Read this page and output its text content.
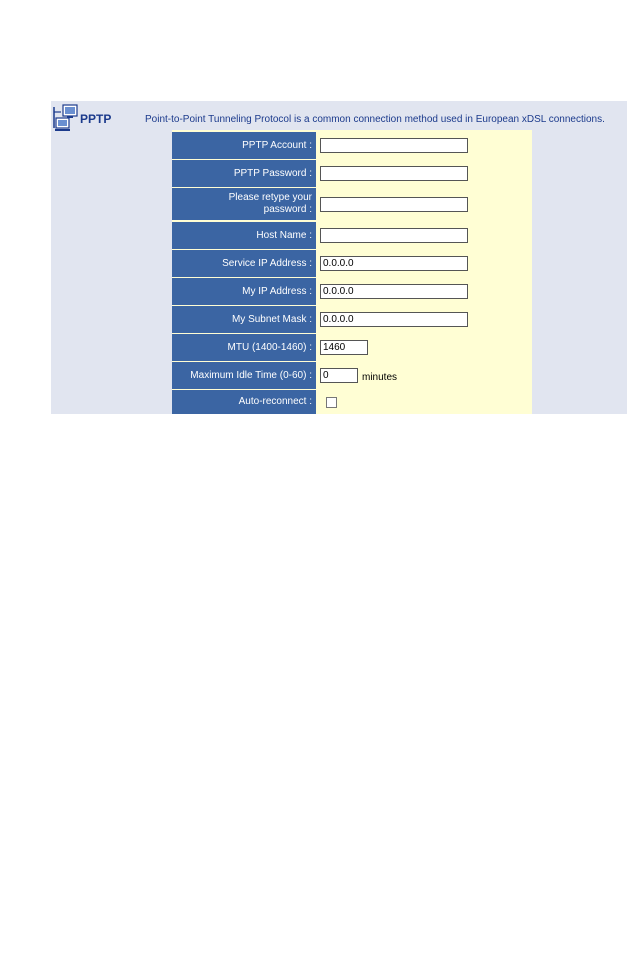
PPTP	Point-to-Point Tunneling Protocol is a common connection method used in European xDSL connections.
PPTP Account :
PPTP Password :
Please retype your
password :
Host Name :
Service IP Address :
0.0.0.0
My IP Address :
0.0.0.0
My Subnet Mask :
0.0.0.0
MTU (1400-1460) :
1460
Maximum Idle Time (0-60) :
0	minutes
Auto-reconnect :
